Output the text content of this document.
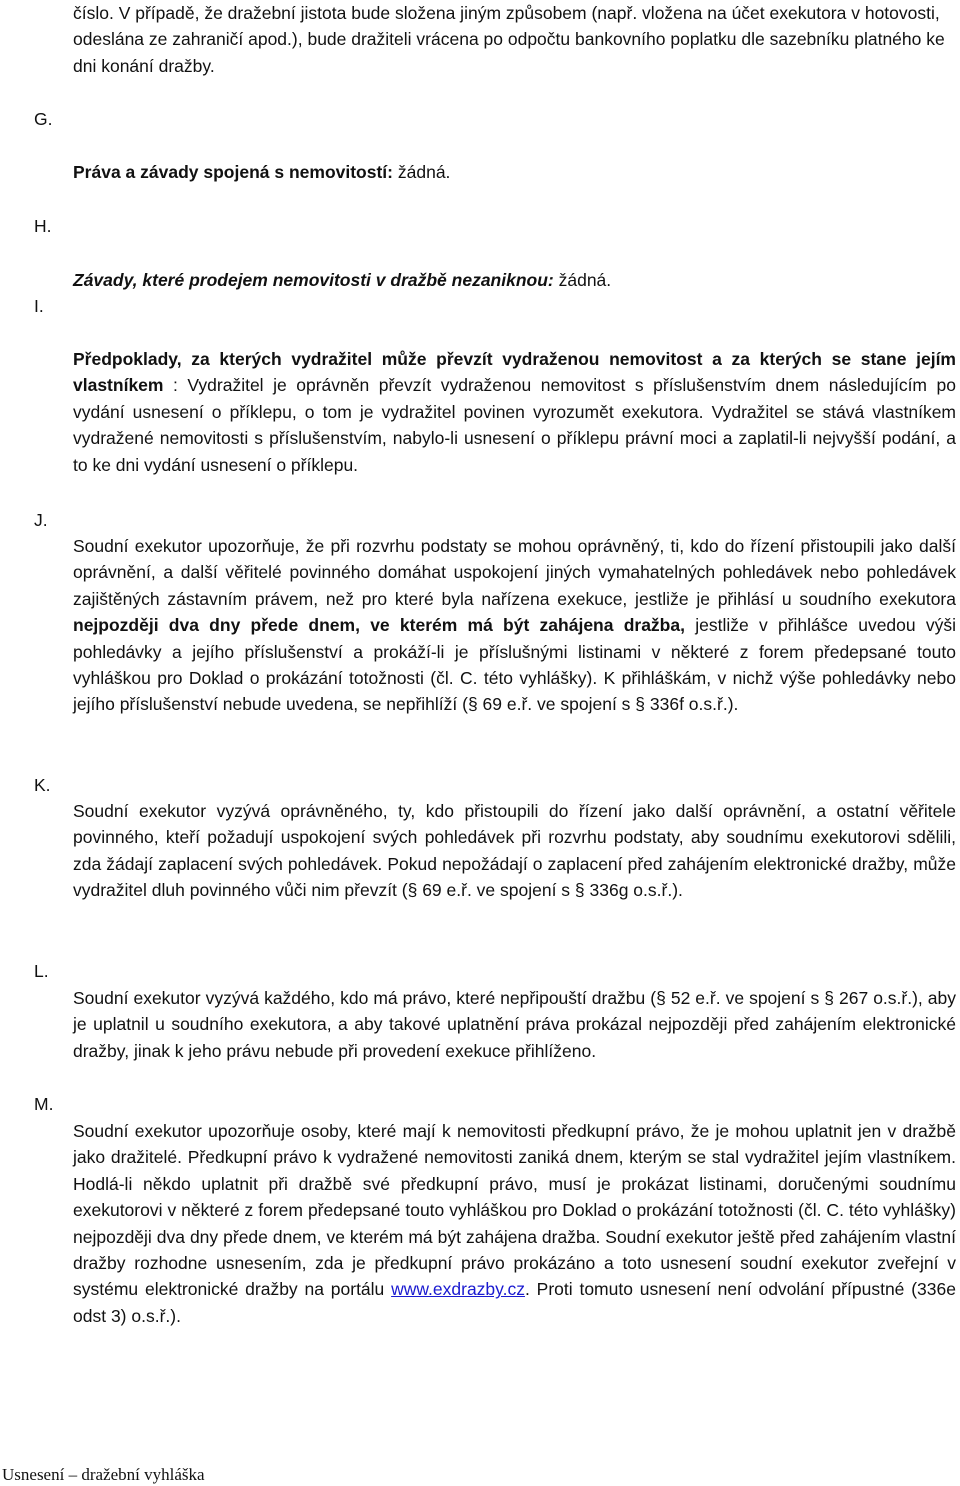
číslo. V případě, že dražební jistota bude složena jiným způsobem (např. vložena na účet exekutora v hotovosti, odeslána ze zahraničí apod.), bude dražiteli vrácena po odpočtu bankovního poplatku dle sazebníku platného ke dni konání dražby.
G.
Práva a závady spojená s nemovitostí: žádná.
H.
Závady, které prodejem nemovitosti v dražbě nezaniknou: žádná.
I.
Předpoklady, za kterých vydražitel může převzít vydraženou nemovitost a za kterých se stane jejím vlastníkem : Vydražitel je oprávněn převzít vydraženou nemovitost s příslušenstvím dnem následujícím po vydání usnesení o příklepu, o tom je vydražitel povinen vyrozumět exekutora. Vydražitel se stává vlastníkem vydražené nemovitosti s příslušenstvím, nabylo-li usnesení o příklepu právní moci a zaplatil-li nejvyšší podání, a to ke dni vydání usnesení o příklepu.
J.
Soudní exekutor upozorňuje, že při rozvrhu podstaty se mohou oprávněný, ti, kdo do řízení přistoupili jako další oprávnění, a další věřitelé povinného domáhat uspokojení jiných vymahatelných pohledávek nebo pohledávek zajištěných zástavním právem, než pro které byla nařízena exekuce, jestliže je přihlásí u soudního exekutora nejpozději dva dny přede dnem, ve kterém má být zahájena dražba, jestliže v přihlášce uvedou výši pohledávky a jejího příslušenství a prokáží-li je příslušnými listinami v některé z forem předepsané touto vyhláškou pro Doklad o prokázání totožnosti (čl. C. této vyhlášky). K přihláškám, v nichž výše pohledávky nebo jejího příslušenství nebude uvedena, se nepřihlíží (§ 69 e.ř. ve spojení s § 336f o.s.ř.).
K.
Soudní exekutor vyzývá oprávněného, ty, kdo přistoupili do řízení jako další oprávnění, a ostatní věřitele povinného, kteří požadují uspokojení svých pohledávek při rozvrhu podstaty, aby soudnímu exekutorovi sdělili, zda žádají zaplacení svých pohledávek. Pokud nepožádají o zaplacení před zahájením elektronické dražby, může vydražitel dluh povinného vůči nim převzít (§ 69 e.ř. ve spojení s § 336g o.s.ř.).
L.
Soudní exekutor vyzývá každého, kdo má právo, které nepřipouští dražbu (§ 52 e.ř. ve spojení s § 267 o.s.ř.), aby je uplatnil u soudního exekutora, a aby takové uplatnění práva prokázal nejpozději před zahájením elektronické dražby, jinak k jeho právu nebude při provedení exekuce přihlíženo.
M.
Soudní exekutor upozorňuje osoby, které mají k nemovitosti předkupní právo, že je mohou uplatnit jen v dražbě jako dražitelé. Předkupní právo k vydražené nemovitosti zaniká dnem, kterým se stal vydražitel jejím vlastníkem. Hodlá-li někdo uplatnit při dražbě své předkupní právo, musí je prokázat listinami, doručenými soudnímu exekutorovi v některé z forem předepsané touto vyhláškou pro Doklad o prokázání totožnosti (čl. C. této vyhlášky) nejpozději dva dny přede dnem, ve kterém má být zahájena dražba. Soudní exekutor ještě před zahájením vlastní dražby rozhodne usnesením, zda je předkupní právo prokázáno a toto usnesení soudní exekutor zveřejní v systému elektronické dražby na portálu www.exdrazby.cz. Proti tomuto usnesení není odvolání přípustné (336e odst 3) o.s.ř.).
Usnesení – dražební vyhláška
